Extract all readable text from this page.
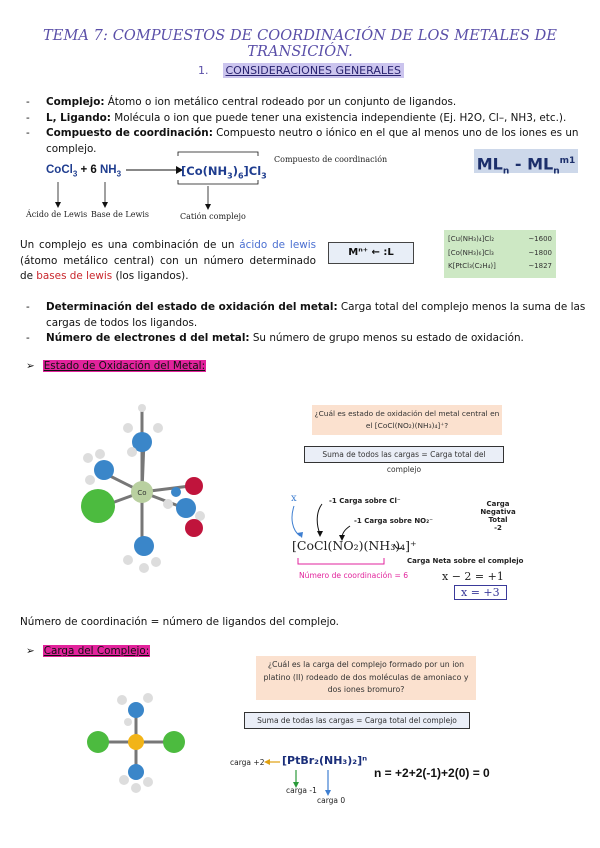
TEMA 7: COMPUESTOS DE COORDINACIÓN DE LOS METALES DE TRANSICIÓN.
1. CONSIDERACIONES GENERALES
-	Complejo: Átomo o ion metálico central rodeado por un conjunto de ligandos.
-	L, Ligando: Molécula o ion que puede tener una existencia independiente (Ej. H2O, Cl–, NH3, etc.).
-	Compuesto de coordinación: Compuesto neutro o iónico en el que al menos uno de los iones es un complejo.
CoCl$_3$ + 6 $NH_3$ →
$[Co(NH_3)_6]Cl_3$
Compuesto de coordinación
Ácido de Lewis Base de Lewis	Catión complejo
$ML_n - ML_n^{m1}$
Un complejo es una combinación de un ácido de lewis (átomo metálico central) con un número determinado de bases de lewis (los ligandos).
Mⁿ⁺ ← :L
[Cu(NH₃)₄]Cl₂	~1600
[Co(NH₃)₆]Cl₃	~1800
K[PtCl₃(C₂H₄)]	~1827
-	Determinación del estado de oxidación del metal: Carga total del complejo menos la suma de las cargas de todos los ligandos.
-	Número de electrones d del metal: Su número de grupo menos su estado de oxidación.
➢ Estado de Oxidación del Metal:
Co
¿Cuál es estado de oxidación del metal central en el [CoCl(NO₂)(NH₃)₄]⁺?
Suma de todos las cargas = Carga total del complejo
x	-1 Carga sobre Cl⁻
-1 Carga sobre NO₂⁻
Carga Negativa
Total
-2
[CoCl(NO₂)(NH₃)₄]⁺
Carga Neta sobre el complejo
Número de coordinación = 6	x − 2 = +1
x = +3
Número de coordinación = número de ligandos del complejo.
➢ Carga del Complejo:
¿Cuál es la carga del complejo formado por un ion platino (II) rodeado de dos moléculas de amoniaco y dos iones bromuro?
Suma de todas las cargas = Carga total del complejo
carga +2 [PtBr₂(NH₃)₂]ⁿ
carga -1
carga 0
n = +2+2(-1)+2(0) = 0
